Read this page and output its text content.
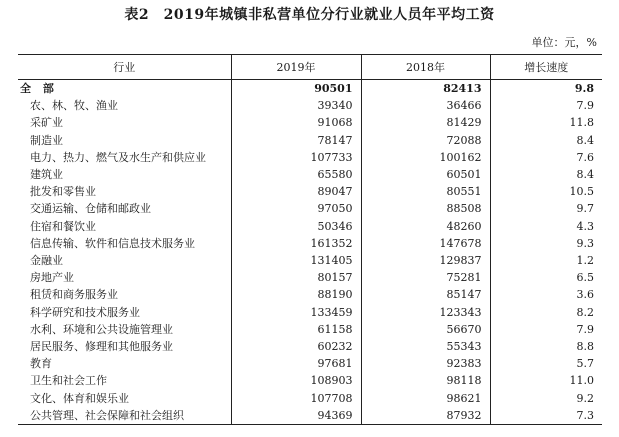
表2　2019年城镇非私营单位分行业就业人员年平均工资
单位：元，%
行业	2019年	2018年	增长速度
全 部	90501	82413	9.8
农、林、牧、渔业	39340	36466	7.9
采矿业	91068	81429	11.8
制造业	78147	72088	8.4
电力、热力、燃气及水生产和供应业	107733	100162	7.6
建筑业	65580	60501	8.4
批发和零售业	89047	80551	10.5
交通运输、仓储和邮政业	97050	88508	9.7
住宿和餐饮业	50346	48260	4.3
信息传输、软件和信息技术服务业	161352	147678	9.3
金融业	131405	129837	1.2
房地产业	80157	75281	6.5
租赁和商务服务业	88190	85147	3.6
科学研究和技术服务业	133459	123343	8.2
水利、环境和公共设施管理业	61158	56670	7.9
居民服务、修理和其他服务业	60232	55343	8.8
教育	97681	92383	5.7
卫生和社会工作	108903	98118	11.0
文化、体育和娱乐业	107708	98621	9.2
公共管理、社会保障和社会组织	94369	87932	7.3
